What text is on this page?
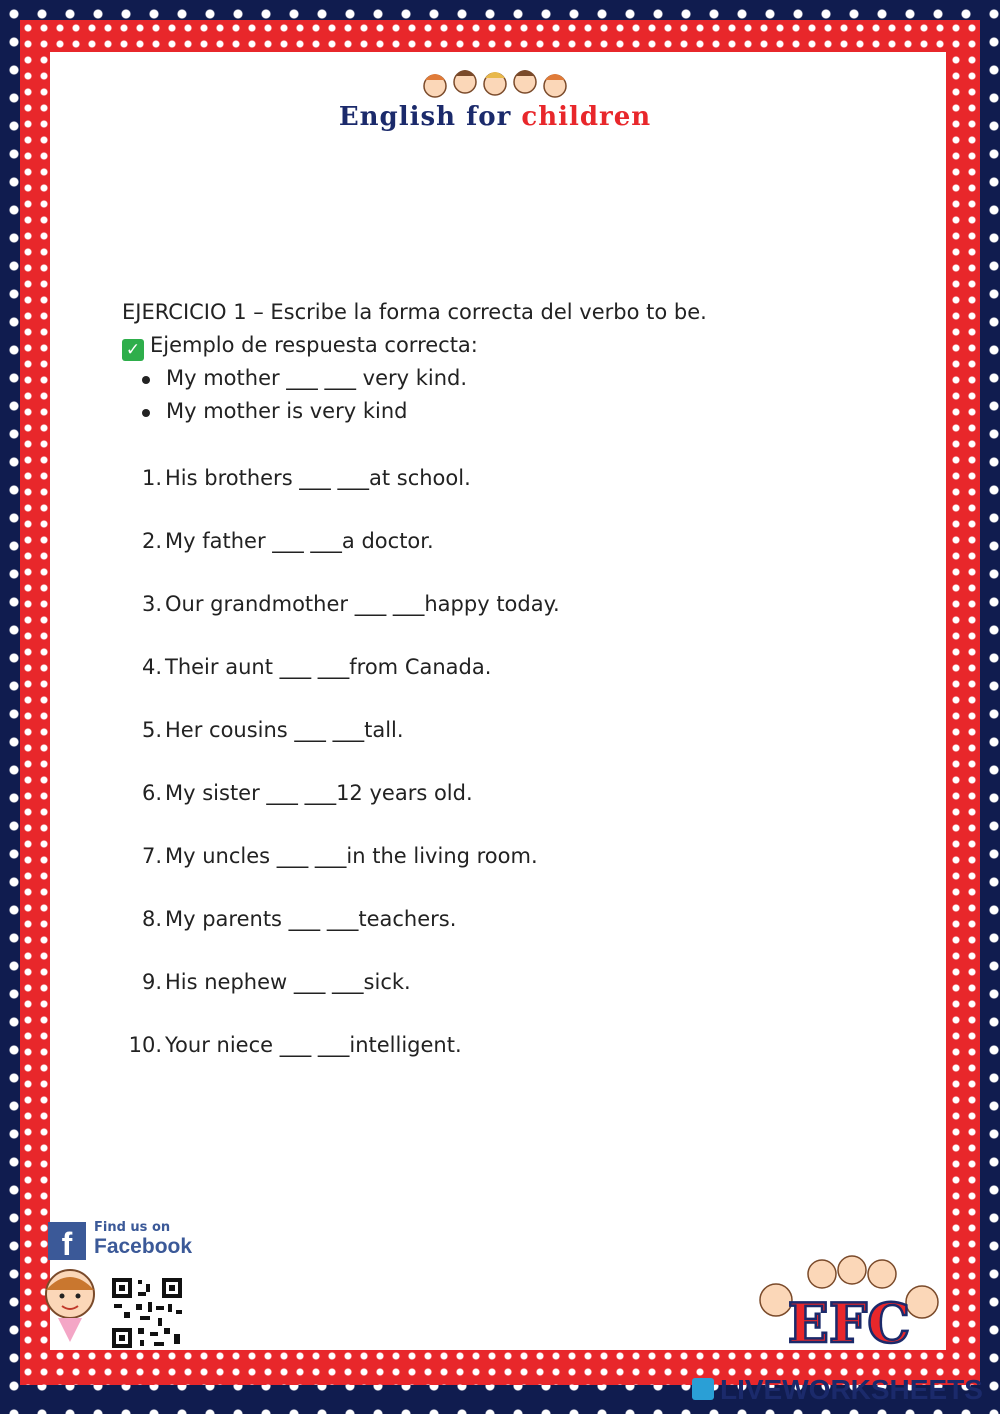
English for children

EJERCICIO 1 – Escribe la forma correcta del verbo to be.

✓ Ejemplo de respuesta correcta:

My mother ___ ___ very kind.
My mother is very kind
1. His brothers ___ ___at school.
2. My father ___ ___a doctor.
3. Our grandmother ___ ___happy today.
4. Their aunt ___ ___from Canada.
5. Her cousins ___ ___tall.
6. My sister ___ ___12 years old.
7. My uncles ___ ___in the living room.
8. My parents ___ ___teachers.
9. His nephew ___ ___sick.
10. Your niece ___ ___intelligent.
f	Find us on
Facebook
EFC
LIVEWORKSHEETS
